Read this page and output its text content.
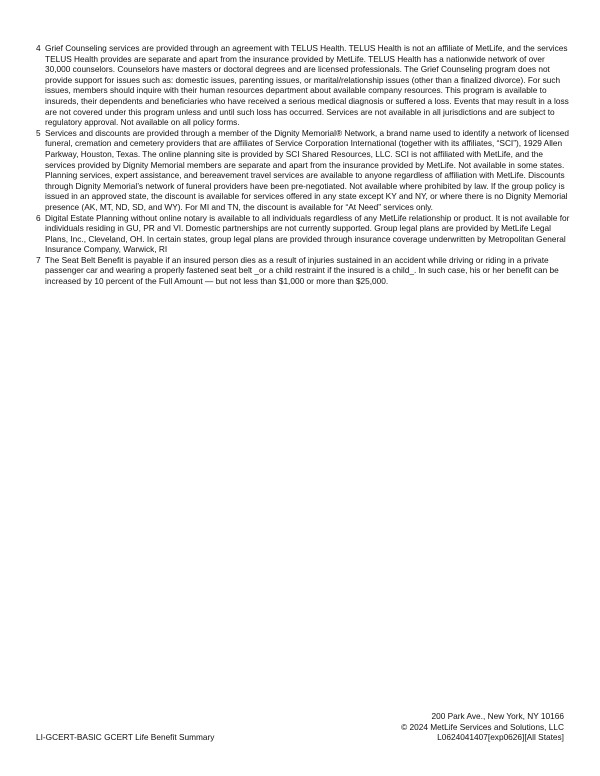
4 Grief Counseling services are provided through an agreement with TELUS Health. TELUS Health is not an affiliate of MetLife, and the services TELUS Health provides are separate and apart from the insurance provided by MetLife. TELUS Health has a nationwide network of over 30,000 counselors. Counselors have masters or doctoral degrees and are licensed professionals. The Grief Counseling program does not provide support for issues such as: domestic issues, parenting issues, or marital/relationship issues (other than a finalized divorce). For such issues, members should inquire with their human resources department about available company resources. This program is available to insureds, their dependents and beneficiaries who have received a serious medical diagnosis or suffered a loss. Events that may result in a loss are not covered under this program unless and until such loss has occurred. Services are not available in all jurisdictions and are subject to regulatory approval. Not available on all policy forms.

5 Services and discounts are provided through a member of the Dignity Memorial® Network, a brand name used to identify a network of licensed funeral, cremation and cemetery providers that are affiliates of Service Corporation International (together with its affiliates, “SCI”), 1929 Allen Parkway, Houston, Texas. The online planning site is provided by SCI Shared Resources, LLC. SCI is not affiliated with MetLife, and the services provided by Dignity Memorial members are separate and apart from the insurance provided by MetLife. Not available in some states. Planning services, expert assistance, and bereavement travel services are available to anyone regardless of affiliation with MetLife. Discounts through Dignity Memorial’s network of funeral providers have been pre-negotiated. Not available where prohibited by law. If the group policy is issued in an approved state, the discount is available for services offered in any state except KY and NY, or where there is no Dignity Memorial presence (AK, MT, ND, SD, and WY). For MI and TN, the discount is available for “At Need” services only.

6 Digital Estate Planning without online notary is available to all individuals regardless of any MetLife relationship or product. It is not available for individuals residing in GU, PR and VI. Domestic partnerships are not currently supported. Group legal plans are provided by MetLife Legal Plans, Inc., Cleveland, OH. In certain states, group legal plans are provided through insurance coverage underwritten by Metropolitan General Insurance Company, Warwick, RI

7 The Seat Belt Benefit is payable if an insured person dies as a result of injuries sustained in an accident while driving or riding in a private passenger car and wearing a properly fastened seat belt _or a child restraint if the insured is a child_. In such case, his or her benefit can be increased by 10 percent of the Full Amount — but not less than $1,000 or more than $25,000.

200 Park Ave., New York, NY 10166
© 2024 MetLife Services and Solutions, LLC
L0624041407[exp0626][All States]
LI-GCERT-BASIC GCERT Life Benefit Summary
